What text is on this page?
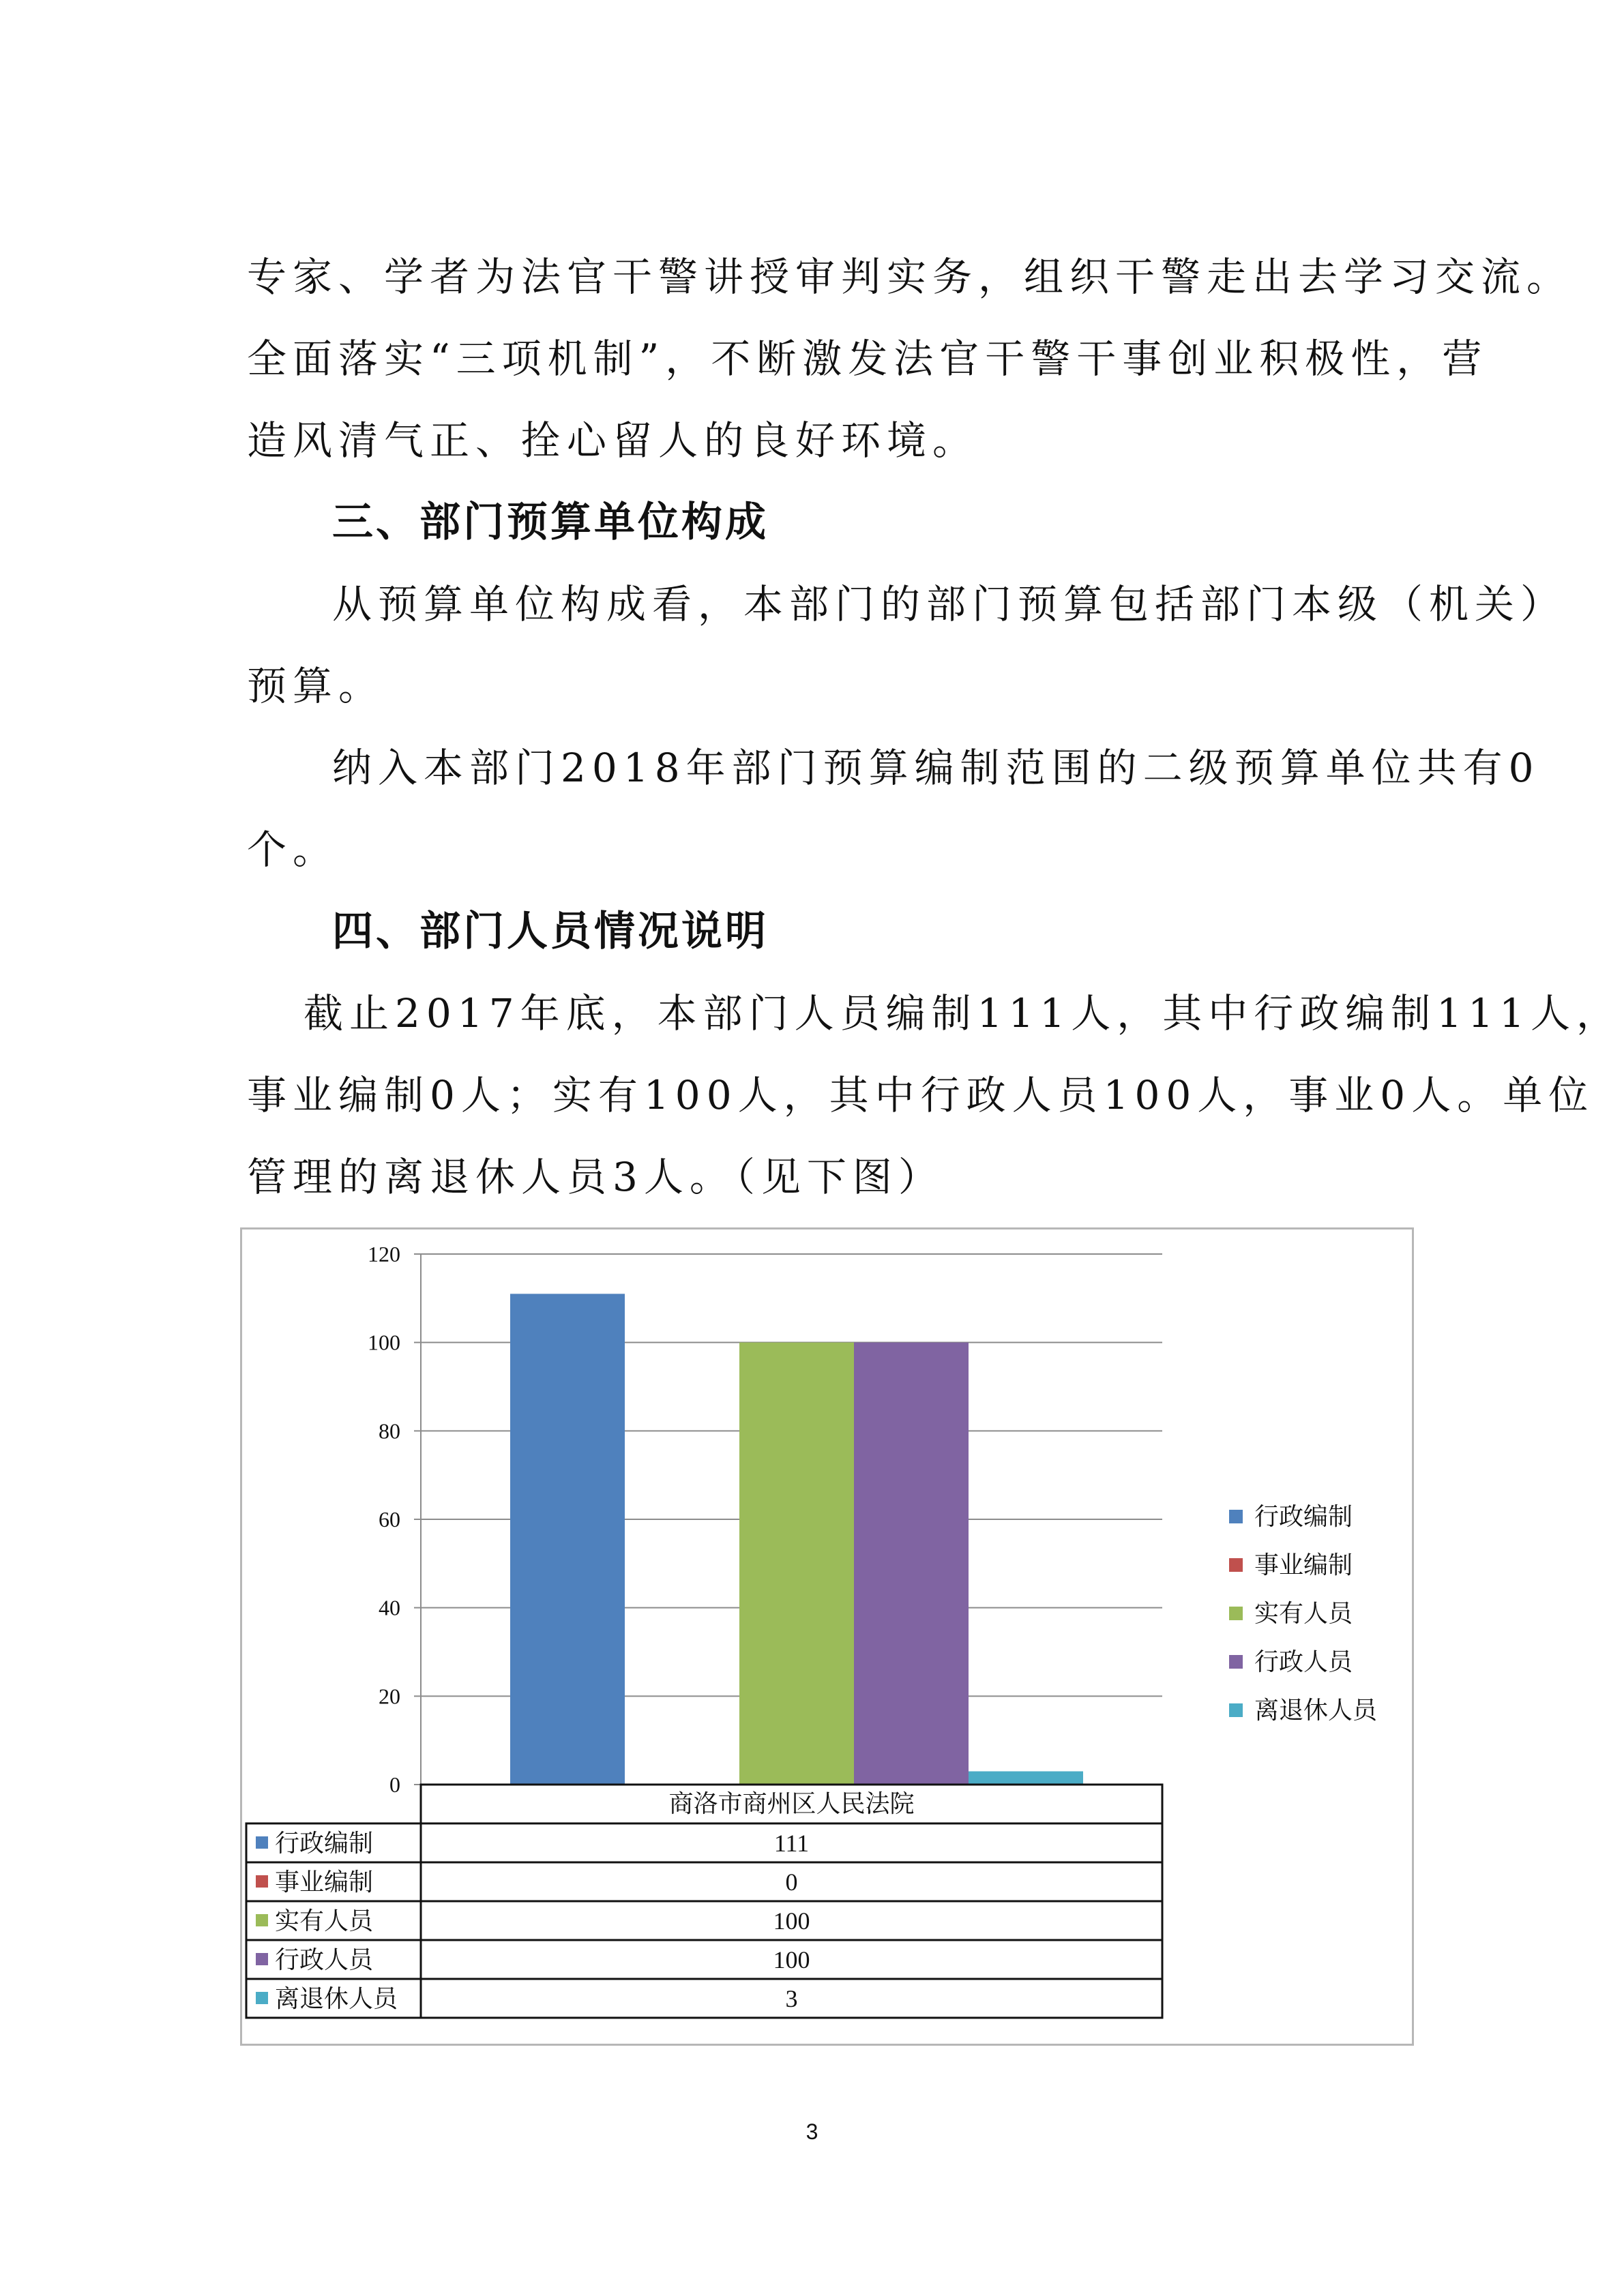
专家、学者为法官干警讲授审判实务，组织干警走出去学习交流。

全面落实“三项机制”，不断激发法官干警干事创业积极性，营

造风清气正、拴心留人的良好环境。

三、部门预算单位构成

从预算单位构成看，本部门的部门预算包括部门本级（机关）

预算。

纳入本部门2018年部门预算编制范围的二级预算单位共有0

个。

四、部门人员情况说明

截止2017年底，本部门人员编制111人，其中行政编制111人，

事业编制0人；实有100人，其中行政人员100人，事业0人。单位

管理的离退休人员3人。（见下图）

0
20
40
60
80
100
120
行政编制
事业编制
实有人员
行政人员
离退休人员
商洛市商州区人民法院
行政编制	111
事业编制	0
实有人员	100
行政人员	100
离退休人员	3
3
